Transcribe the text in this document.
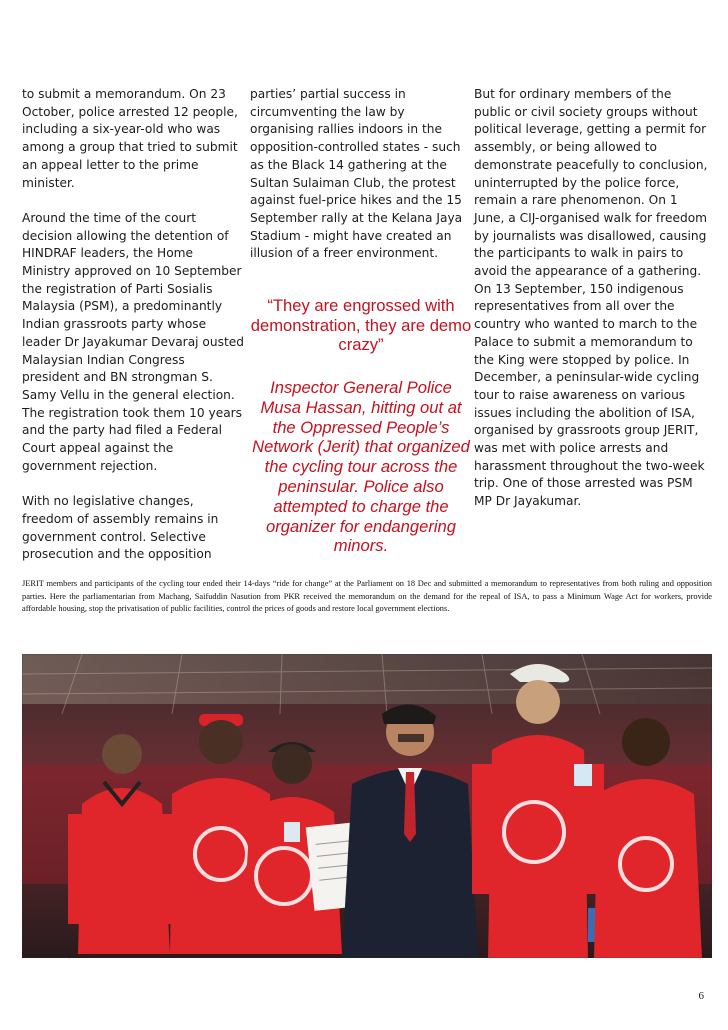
to submit a memorandum. On 23 October, police arrested 12 people, including a six-year-old who was among a group that tried to submit an appeal letter to the prime minister.

Around the time of the court decision allowing the detention of HINDRAF leaders, the Home Ministry approved on 10 September the registration of Parti Sosialis Malaysia (PSM), a predominantly Indian grassroots party whose leader Dr Jayakumar Devaraj ousted Malaysian Indian Congress president and BN strongman S. Samy Vellu in the general election. The registration took them 10 years and the party had filed a Federal Court appeal against the government rejection.

With no legislative changes, freedom of assembly remains in government control. Selective prosecution and the opposition

parties’ partial success in circumventing the law by organising rallies indoors in the opposition-controlled states - such as the Black 14 gathering at the Sultan Sulaiman Club, the protest against fuel-price hikes and the 15 September rally at the Kelana Jaya Stadium - might have created an illusion of a freer environment.

“They are engrossed with demonstration, they are demo crazy”
Inspector General Police Musa Hassan, hitting out at the Oppressed People’s Network (Jerit) that organized the cycling tour across the peninsular. Police also attempted to charge the organizer for endangering minors.

But for ordinary members of the public or civil society groups without political leverage, getting a permit for assembly, or being allowed to demonstrate peacefully to conclusion, uninterrupted by the police force, remain a rare phenomenon. On 1 June, a CIJ-organised walk for freedom by journalists was disallowed, causing the participants to walk in pairs to avoid the appearance of a gathering. On 13 September, 150 indigenous representatives from all over the country who wanted to march to the Palace to submit a memorandum to the King were stopped by police. In December, a peninsular-wide cycling tour to raise awareness on various issues including the abolition of ISA, organised by grassroots group JERIT, was met with police arrests and harassment throughout the two-week trip. One of those arrested was PSM MP Dr Jayakumar.

JERIT members and participants of the cycling tour ended their 14-days “ride for change” at the Parliament on 18 Dec and submitted a memorandum to representatives from both ruling and opposition parties. Here the parliamentarian from Machang, Saifuddin Nasution from PKR received the memorandum on the demand for the repeal of ISA, to pass a Minimum Wage Act for workers, provide affordable housing, stop the privatisation of public facilities, control the prices of goods and restore local government elections.
6
